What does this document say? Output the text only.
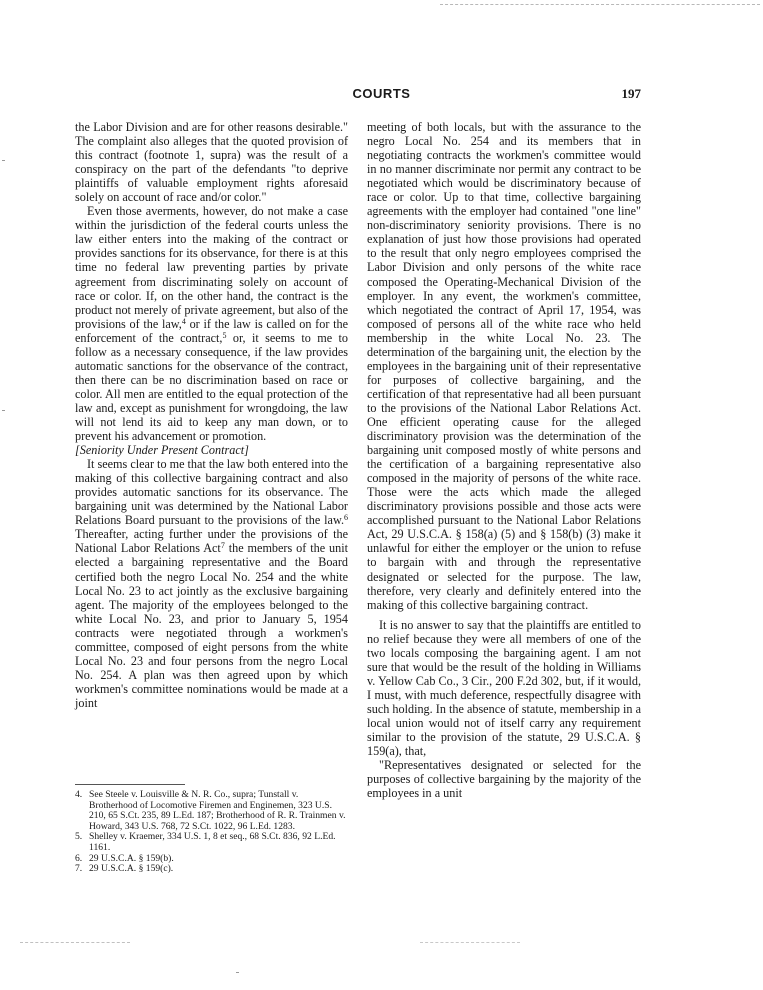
COURTS	197

the Labor Division and are for other reasons desirable." The complaint also alleges that the quoted provision of this contract (footnote 1, supra) was the result of a conspiracy on the part of the defendants "to deprive plaintiffs of valuable employment rights aforesaid solely on account of race and/or color."

Even those averments, however, do not make a case within the jurisdiction of the federal courts unless the law either enters into the making of the contract or provides sanctions for its observance, for there is at this time no federal law preventing parties by private agreement from discriminating solely on account of race or color. If, on the other hand, the contract is the product not merely of private agreement, but also of the provisions of the law,$^4$ or if the law is called on for the enforcement of the contract,$^5$ or, it seems to me to follow as a necessary consequence, if the law provides automatic sanctions for the observance of the contract, then there can be no discrimination based on race or color. All men are entitled to the equal protection of the law and, except as punishment for wrongdoing, the law will not lend its aid to keep any man down, or to prevent his advancement or promotion.

[Seniority Under Present Contract]

It seems clear to me that the law both entered into the making of this collective bargaining contract and also provides automatic sanctions for its observance. The bargaining unit was determined by the National Labor Relations Board pursuant to the provisions of the law.$^6$ Thereafter, acting further under the provisions of the National Labor Relations Act$^7$ the members of the unit elected a bargaining representative and the Board certified both the negro Local No. 254 and the white Local No. 23 to act jointly as the exclusive bargaining agent. The majority of the employees belonged to the white Local No. 23, and prior to January 5, 1954 contracts were negotiated through a workmen's committee, composed of eight persons from the white Local No. 23 and four persons from the negro Local No. 254. A plan was then agreed upon by which workmen's committee nominations would be made at a joint

meeting of both locals, but with the assurance to the negro Local No. 254 and its members that in negotiating contracts the workmen's committee would in no manner discriminate nor permit any contract to be negotiated which would be discriminatory because of race or color. Up to that time, collective bargaining agreements with the employer had contained "one line" non-discriminatory seniority provisions. There is no explanation of just how those provisions had operated to the result that only negro employees comprised the Labor Division and only persons of the white race composed the Operating-Mechanical Division of the employer. In any event, the workmen's committee, which negotiated the contract of April 17, 1954, was composed of persons all of the white race who held membership in the white Local No. 23. The determination of the bargaining unit, the election by the employees in the bargaining unit of their representative for purposes of collective bargaining, and the certification of that representative had all been pursuant to the provisions of the National Labor Relations Act. One efficient operating cause for the alleged discriminatory provision was the determination of the bargaining unit composed mostly of white persons and the certification of a bargaining representative also composed in the majority of persons of the white race. Those were the acts which made the alleged discriminatory provisions possible and those acts were accomplished pursuant to the National Labor Relations Act, 29 U.S.C.A. § 158(a) (5) and § 158(b) (3) make it unlawful for either the employer or the union to refuse to bargain with and through the representative designated or selected for the purpose. The law, therefore, very clearly and definitely entered into the making of this collective bargaining contract.

It is no answer to say that the plaintiffs are entitled to no relief because they were all members of one of the two locals composing the bargaining agent. I am not sure that would be the result of the holding in Williams v. Yellow Cab Co., 3 Cir., 200 F.2d 302, but, if it would, I must, with much deference, respectfully disagree with such holding. In the absence of statute, membership in a local union would not of itself carry any requirement similar to the provision of the statute, 29 U.S.C.A. § 159(a), that,

"Representatives designated or selected for the purposes of collective bargaining by the majority of the employees in a unit

4. See Steele v. Louisville & N. R. Co., supra; Tunstall v. Brotherhood of Locomotive Firemen and Enginemen, 323 U.S. 210, 65 S.Ct. 235, 89 L.Ed. 187; Brotherhood of R. R. Trainmen v. Howard, 343 U.S. 768, 72 S.Ct. 1022, 96 L.Ed. 1283.
5. Shelley v. Kraemer, 334 U.S. 1, 8 et seq., 68 S.Ct. 836, 92 L.Ed. 1161.
6. 29 U.S.C.A. § 159(b).
7. 29 U.S.C.A. § 159(c).
